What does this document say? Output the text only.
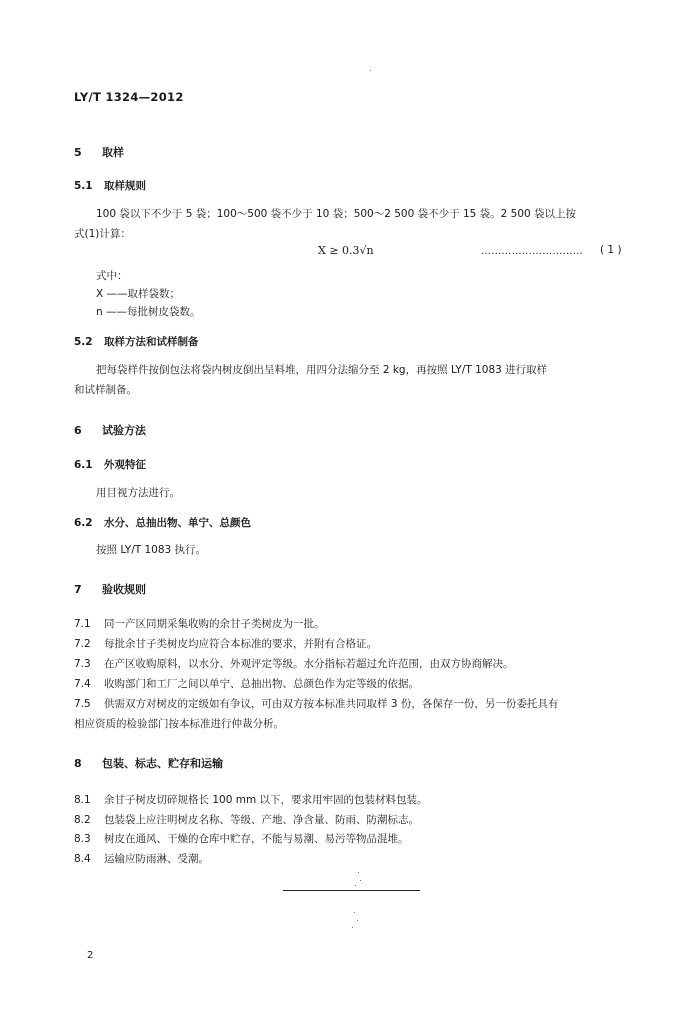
LY/T 1324—2012
5 取样
5.1 取样规则
100 袋以下不少于 5 袋；100～500 袋不少于 10 袋；500～2 500 袋不少于 15 袋。2 500 袋以上按
式(1)计算：
X ≥ 0.3√n	………………………… ( 1 )
式中：
X ——取样袋数；
n ——每批树皮袋数。
5.2 取样方法和试样制备
把每袋样件按倒包法将袋内树皮倒出呈料堆，用四分法缩分至 2 kg，再按照 LY/T 1083 进行取样
和试样制备。
6 试验方法
6.1 外观特征
用目视方法进行。
6.2 水分、总抽出物、单宁、总颜色
按照 LY/T 1083 执行。
7 验收规则
7.1 同一产区同期采集收购的余甘子类树皮为一批。
7.2 每批余甘子类树皮均应符合本标准的要求，并附有合格证。
7.3 在产区收购原料，以水分、外观评定等级。水分指标若超过允许范围，由双方协商解决。
7.4 收购部门和工厂之间以单宁、总抽出物、总颜色作为定等级的依据。
7.5 供需双方对树皮的定级如有争议，可由双方按本标准共同取样 3 份，各保存一份，另一份委托具有
相应资质的检验部门按本标准进行仲裁分析。
8 包装、标志、贮存和运输
8.1 余甘子树皮切碎规格长 100 mm 以下，要求用牢固的包装材料包装。
8.2 包装袋上应注明树皮名称、等级、产地、净含量、防雨、防潮标志。
8.3 树皮在通风、干燥的仓库中贮存，不能与易潮、易污等物品混堆。
8.4 运输应防雨淋、受潮。
2
